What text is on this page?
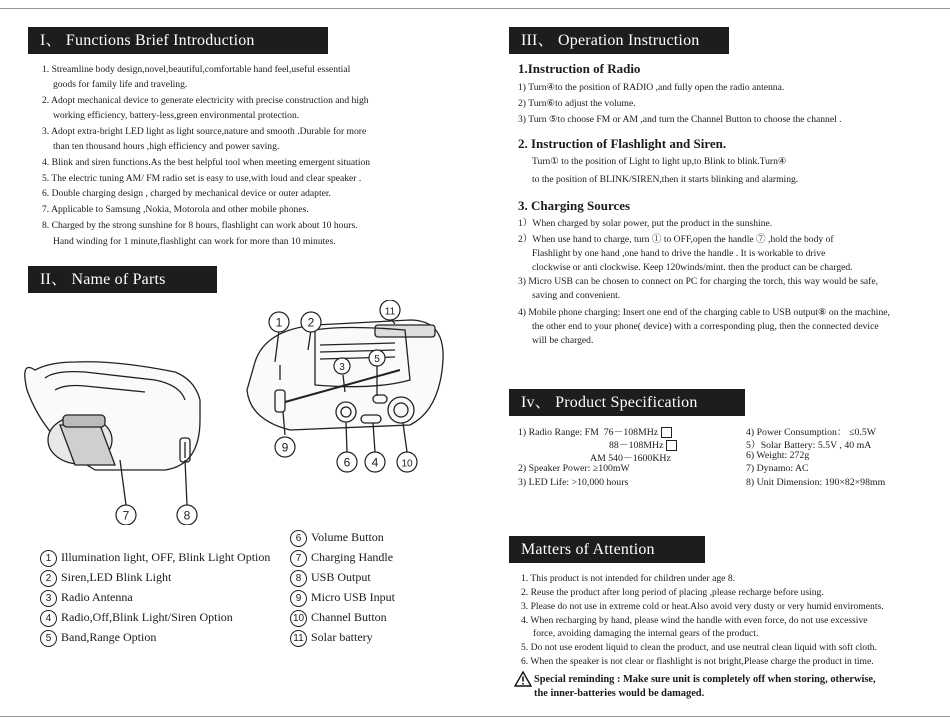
I、 Functions Brief Introduction
1. Streamline body design,novel,beautiful,comfortable hand feel,useful essential
goods for family life and traveling.
2. Adopt mechanical device to generate electricity with precise construction and high
working efficiency, battery-less,green environmental protection.
3. Adopt extra-bright LED light as light source,nature and smooth .Durable for more
than ten thousand hours ,high efficiency and power saving.
4. Blink and siren functions.As the best helpful tool when meeting emergent situation
5. The electric tuning AM/ FM radio set is easy to use,with loud and clear speaker .
6. Double charging design , charged by mechanical device or outer adapter.
7. Applicable to Samsung ,Nokia, Motorola and other mobile phones.
8. Charged by the strong sunshine for 8 hours, flashlight can work about 10 hours.
Hand winding for 1 minute,flashlight can work for more than 10 minutes.
II、 Name of Parts
7	8
1 2
11
3
5
9
6 4 10
1 Illumination light, OFF, Blink Light Option
2 Siren,LED Blink Light
3 Radio Antenna
4 Radio,Off,Blink Light/Siren Option
5 Band,Range Option
6 Volume Button
7 Charging Handle
8 USB Output
9 Micro USB Input
10 Channel Button
11 Solar battery
III、 Operation Instruction
1.Instruction of Radio
1) Turn④to the position of RADIO ,and fully open the radio antenna.
2) Turn⑥to adjust the volume.
3) Turn ⑤to choose FM or AM ,and turn the Channel Button to choose the channel .
2. Instruction of Flashlight and Siren.
Turn① to the position of Light to light up,to Blink to blink.Turn④
to the position of BLINK/SIREN,then it starts blinking and alarming.
3. Charging Sources
1）When charged by solar power, put the product in the sunshine.
2）When use hand to charge, turn ① to OFF,open the handle ⑦ ,hold the body of
Flashlight by one hand ,one hand to drive the handle . It is workable to drive
clockwise or anti clockwise. Keep 120winds/mint. then the product can be charged.
3) Micro USB can be chosen to connect on PC for charging the torch, this way would be safe,
saving and convenient.
4) Mobile phone charging: Insert one end of the charging cable to USB output⑧ on the machine,
the other end to your phone( device) with a corresponding plug, then the connected device
will be charged.
Iv、 Product Specification
1) Radio Range: FM 76－108MHz
88－108MHz
AM 540－1600KHz
2) Speaker Power: ≥100mW
3) LED Life: >10,000 hours
4) Power Consumption： ≤0.5W
5）Solar Battery: 5.5V , 40 mA
6) Weight: 272g
7) Dynamo: AC
8) Unit Dimension: 190×82×98mm
Matters of Attention
1. This product is not intended for children under age 8.
2. Reuse the product after long period of placing ,please recharge before using.
3. Please do not use in extreme cold or heat.Also avoid very dusty or very humid enviroments.
4. When recharging by hand, please wind the handle with even force, do not use excessive
force, avoiding damaging the internal gears of the product.
5. Do not use erodent liquid to clean the product, and use neutral clean liquid with soft cloth.
6. When the speaker is not clear or flashlight is not bright,Please charge the product in time.
Special reminding : Make sure unit is completely off when storing, otherwise,
the inner-batteries would be damaged.
